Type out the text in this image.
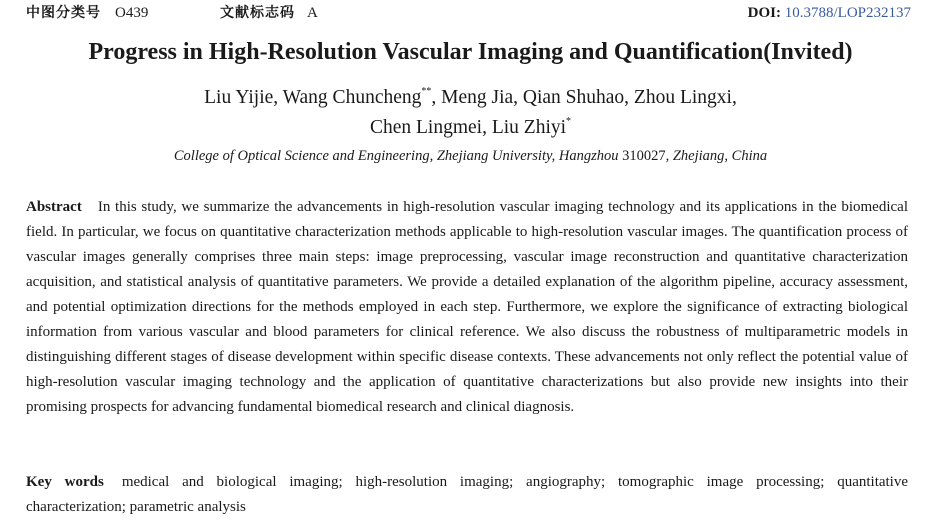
中图分类号 O439	文献标志码 A	DOI: 10.3788/LOP232137
Progress in High-Resolution Vascular Imaging and Quantification(Invited)
Liu Yijie, Wang Chuncheng**, Meng Jia, Qian Shuhao, Zhou Lingxi,
Chen Lingmei, Liu Zhiyi*
College of Optical Science and Engineering, Zhejiang University, Hangzhou 310027, Zhejiang, China
Abstract In this study, we summarize the advancements in high-resolution vascular imaging technology and its applications in the biomedical field. In particular, we focus on quantitative characterization methods applicable to high-resolution vascular images. The quantification process of vascular images generally comprises three main steps: image preprocessing, vascular image reconstruction and quantitative characterization acquisition, and statistical analysis of quantitative parameters. We provide a detailed explanation of the algorithm pipeline, accuracy assessment, and potential optimization directions for the methods employed in each step. Furthermore, we explore the significance of extracting biological information from various vascular and blood parameters for clinical reference. We also discuss the robustness of multiparametric models in distinguishing different stages of disease development within specific disease contexts. These advancements not only reflect the potential value of high-resolution vascular imaging technology and the application of quantitative characterizations but also provide new insights into their promising prospects for advancing fundamental biomedical research and clinical diagnosis.
Key words medical and biological imaging; high-resolution imaging; angiography; tomographic image processing; quantitative characterization; parametric analysis
